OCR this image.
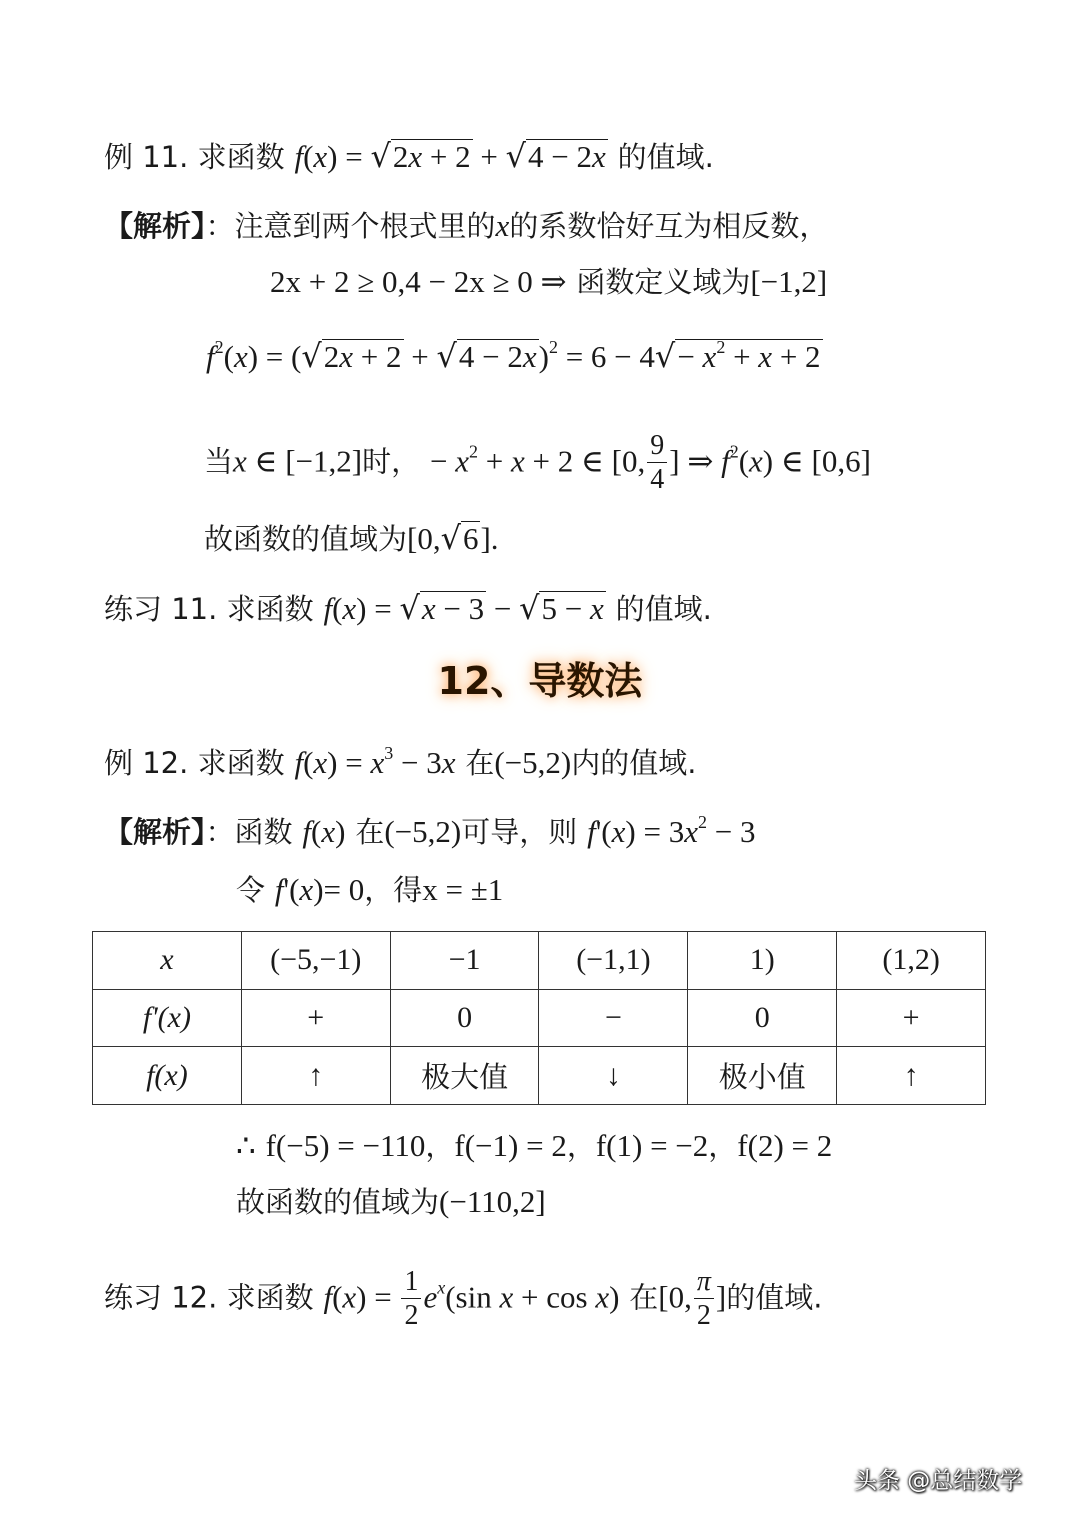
例 11. 求函数 f(x) = √2x + 2 + √4 − 2x 的值域.
【解析】：注意到两个根式里的x的系数恰好互为相反数，
2x + 2 ≥ 0,4 − 2x ≥ 0 ⇒ 函数定义域为[−1,2]
$f^2(x) = (√2x + 2 + √4 - 2x)^2 = 6 - 4√- x^2 + x + 2$
当x ∈ [−1,2]时， − $x^2 + x + 2$ ∈ [0, $\frac{9}{4}$ ] ⇒ $f^2(x)$ ∈ [0,6]
故函数的值域为[0,√6].
练习 11. 求函数 f(x) = √x − 3 − √5 − x 的值域.
12、导数法
例 12. 求函数 $f(x) = x^3 - 3x$ 在(−5,2)内的值域.
【解析】：函数 f(x) 在(−5,2)可导，则 $f'(x) = 3x^2 - 3$
令 f'(x)= 0，得x = ±1
x	(−5,−1)	−1	(−1,1)	1)	(1,2)
f'(x)	+	0	−	0	+
f(x)	↑	极大值	↓	极小值	↑
∴ f(−5) = −110，f(−1) = 2，f(1) = −2，f(2) = 2
故函数的值域为(−110,2]
练习 12. 求函数 $f(x) = \frac{1}{2} e^x(\sin$ x + cos x) 在[0, $\frac{\pi}{2}$ ]的值域.
头条 @总结数学
